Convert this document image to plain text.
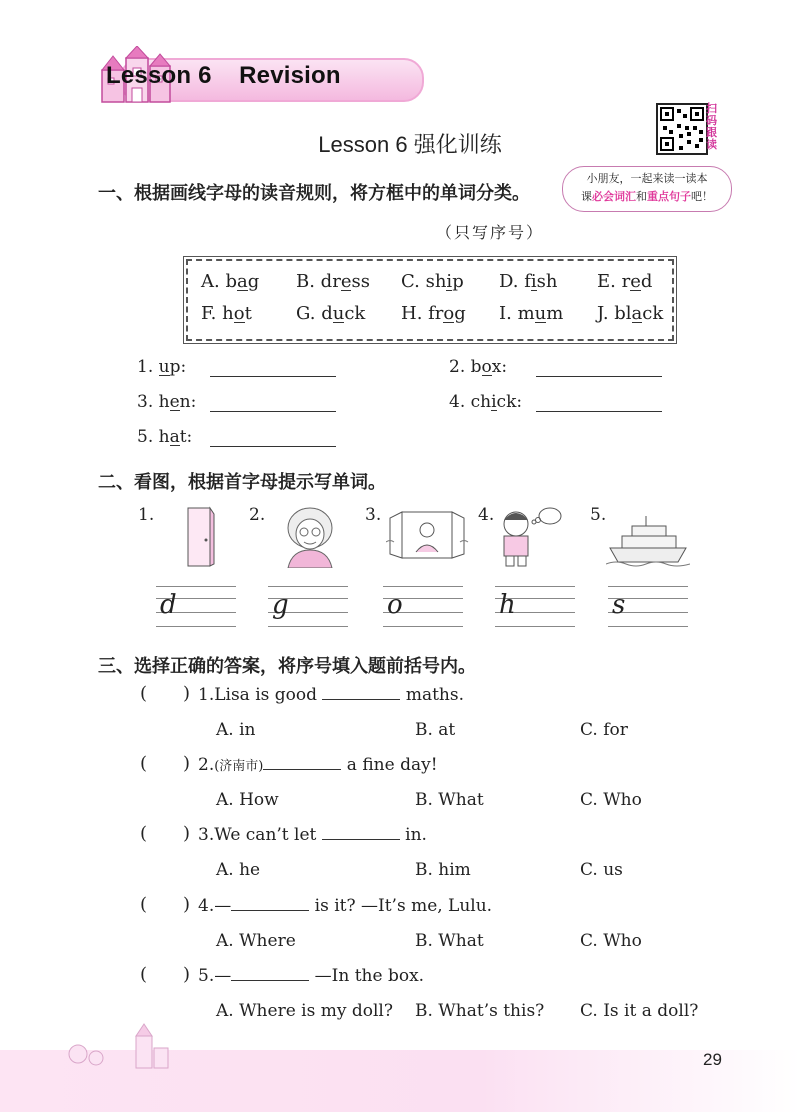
Lesson 6    Revision
扫码跟读
Lesson 6 强化训练
小朋友，一起来读一读本
课必会词汇和重点句子吧！
一、根据画线字母的读音规则，将方框中的单词分类。
（只写序号）
A. bag B. dress C. ship D. fish E. red
F. hot G. duck H. frog I. mum J. black
1. up:	2. box:
3. hen:	4. chick:
5. hat:
二、看图，根据首字母提示写单词。
1.	2.	3.	4.	5.
d	g	o	h	s
三、选择正确的答案，将序号填入题前括号内。
( ) 1.Lisa is good	maths.
A. in	B. at	C. for
( ) 2.(济南市)	a fine day!
A. How	B. What	C. Who
( ) 3.We can’t let	in.
A. he	B. him	C. us
( ) 4.—	is it? —It’s me, Lulu.
A. Where	B. What	C. Who
( ) 5.—	—In the box.
A. Where is my doll? B. What’s this? C. Is it a doll?
29
